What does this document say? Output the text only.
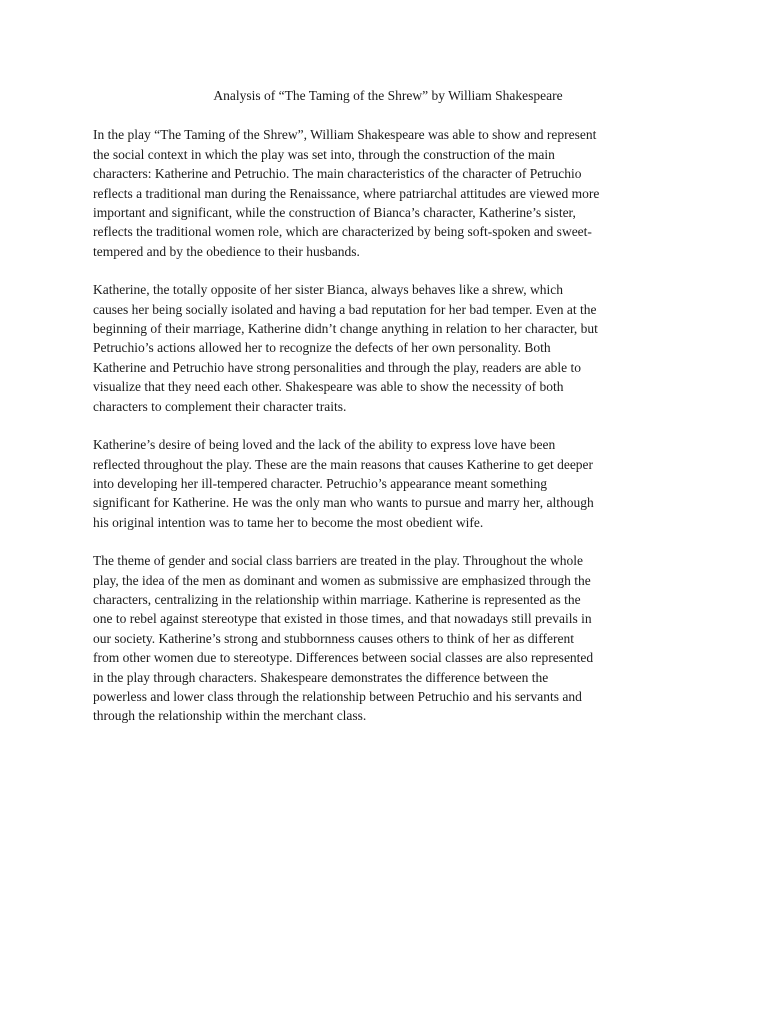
Analysis of “The Taming of the Shrew” by William Shakespeare

In the play “The Taming of the Shrew”, William Shakespeare was able to show and represent
the social context in which the play was set into, through the construction of the main
characters: Katherine and Petruchio. The main characteristics of the character of Petruchio
reflects a traditional man during the Renaissance, where patriarchal attitudes are viewed more
important and significant, while the construction of Bianca’s character, Katherine’s sister,
reflects the traditional women role, which are characterized by being soft-spoken and sweet-
tempered and by the obedience to their husbands.

Katherine, the totally opposite of her sister Bianca, always behaves like a shrew, which
causes her being socially isolated and having a bad reputation for her bad temper. Even at the
beginning of their marriage, Katherine didn’t change anything in relation to her character, but
Petruchio’s actions allowed her to recognize the defects of her own personality. Both
Katherine and Petruchio have strong personalities and through the play, readers are able to
visualize that they need each other. Shakespeare was able to show the necessity of both
characters to complement their character traits.

Katherine’s desire of being loved and the lack of the ability to express love have been
reflected throughout the play. These are the main reasons that causes Katherine to get deeper
into developing her ill-tempered character. Petruchio’s appearance meant something
significant for Katherine. He was the only man who wants to pursue and marry her, although
his original intention was to tame her to become the most obedient wife.

The theme of gender and social class barriers are treated in the play. Throughout the whole
play, the idea of the men as dominant and women as submissive are emphasized through the
characters, centralizing in the relationship within marriage. Katherine is represented as the
one to rebel against stereotype that existed in those times, and that nowadays still prevails in
our society. Katherine’s strong and stubbornness causes others to think of her as different
from other women due to stereotype. Differences between social classes are also represented
in the play through characters. Shakespeare demonstrates the difference between the
powerless and lower class through the relationship between Petruchio and his servants and
through the relationship within the merchant class.
